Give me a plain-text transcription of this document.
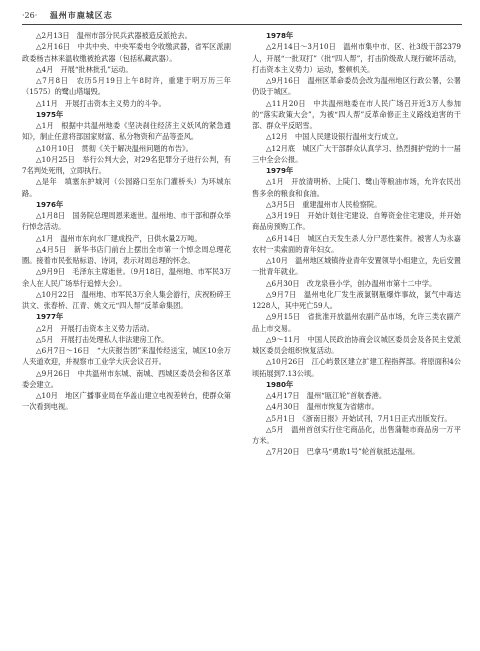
·26· 温州市鹿城区志

△2月13日　温州市部分民兵武器被造反派抢去。

△2月16日　中共中央、中央军委电令收缴武器，省军区派副政委杨吉林来温收缴被抢武器（包括私藏武器）。

△4月　开展“批林批孔”运动。

△7月8日　农历5月19日上午8时许，重建于明万历三年（1575）的鹭山塔塌毁。

△11月　开展打击资本主义势力的斗争。

1975年

△1月　根据中共温州地委《坚决刹住经济主义妖风的紧急通知》，制止任意将部国家财富、私分物资和产品等歪风。

△10月10日　贯彻《关于解决温州问题的布告》。

△10月25日　举行公判大会，对29名犯罪分子进行公判，有7名判处死刑，立即执行。

△是年　填塞东护城河（公园路口至东门灌桥头）为环城东路。

1976年

△1月8日　国务院总理周恩来逝世。温州地、市干部和群众举行悼念活动。

△1月　温州市东向水厂建成投产，日供水量2万吨。

△4月5日　新华书店门前台上摆出全市第一个悼念周总理花圈。接着市民张贴标语、诗词，表示对周总理的怀念。

△9月9日　毛泽东主席逝世。（9月18日，温州地、市军民3万余人在人民广场举行追悼大会）。

△10月22日　温州地、市军民3万余人集会游行，庆祝粉碎王洪文、张春桥、江青、姚文元“四人帮”反革命集团。

1977年

△2月　开展打击资本主义势力活动。

△5月　开展打击处理私人非法建房工作。

△6月7日～16日　“大庆报告团”来温传经送宝，城区10余万人夹道欢迎，并视察市工业学大庆会议召开。

△9月26日　中共温州市东城、南城、西城区委员会和各区革委会建立。

△10月　地区广播事业局在华盖山建立电视差转台，使群众第一次看到电视。

1978年

△2月14日～3月10日　温州市集中市、区、社3级干部2379人，开展“一批双打”（批“四人帮”，打击阶级敌人现行破坏活动，打击资本主义势力）运动，整顿机关。

△9月16日　温州区革命委员会改为温州地区行政公署，公署仍设于城区。

△11月20日　中共温州地委在市人民广场召开近3万人参加的“落实政策大会”，为被“四人帮”反革命修正主义路线迫害的干部、群众平反昭雪。

△12月　中国人民建设银行温州支行成立。

△12月底　城区广大干部群众认真学习、热烈拥护党的十一届三中全会公报。

1979年

△1月　开放清明桥、上陡门、鹭山等粮油市场，允许农民出售多余的粮食和食油。

△3月5日　重建温州市人民检察院。

△3月19日　开始计划住宅建设、自筹资金住宅建设，并开始商品房预购工作。

△6月14日　城区白天发生杀人分尸恶性案件。被害人为永嘉农村一卖索面的青年妇女。

△10月　温州地区城镇待业青年安置领导小组建立，先后安置一批青年就业。

△6月30日　改龙泉巷小学，创办温州市第十二中学。

△9月7日　温州电化厂发生液氯钢瓶爆炸事故，氯气中毒达1228人，其中死亡59人。

△9月15日　省批准开放温州农副产品市场，允许三类农副产品上市交易。

△9～11月　中国人民政治协商会议城区委员会及各民主党派城区委员会组织恢复活动。

△10月26日　江心屿景区建立扩建工程指挥部。将原面积4公顷拓展到7.13公顷。

1980年

△4月17日　温州“瓯江轮”首航香港。

△4月30日　温州市恢复为省辖市。

△5月1日　《浙南日报》开始试刊，7月1日正式出版发行。

△5月　温州首创实行住宅商品化，出售蒲鞋市商品房一万平方米。

△7月20日　巴拿马“勇敢1号”轮首航抵达温州。
